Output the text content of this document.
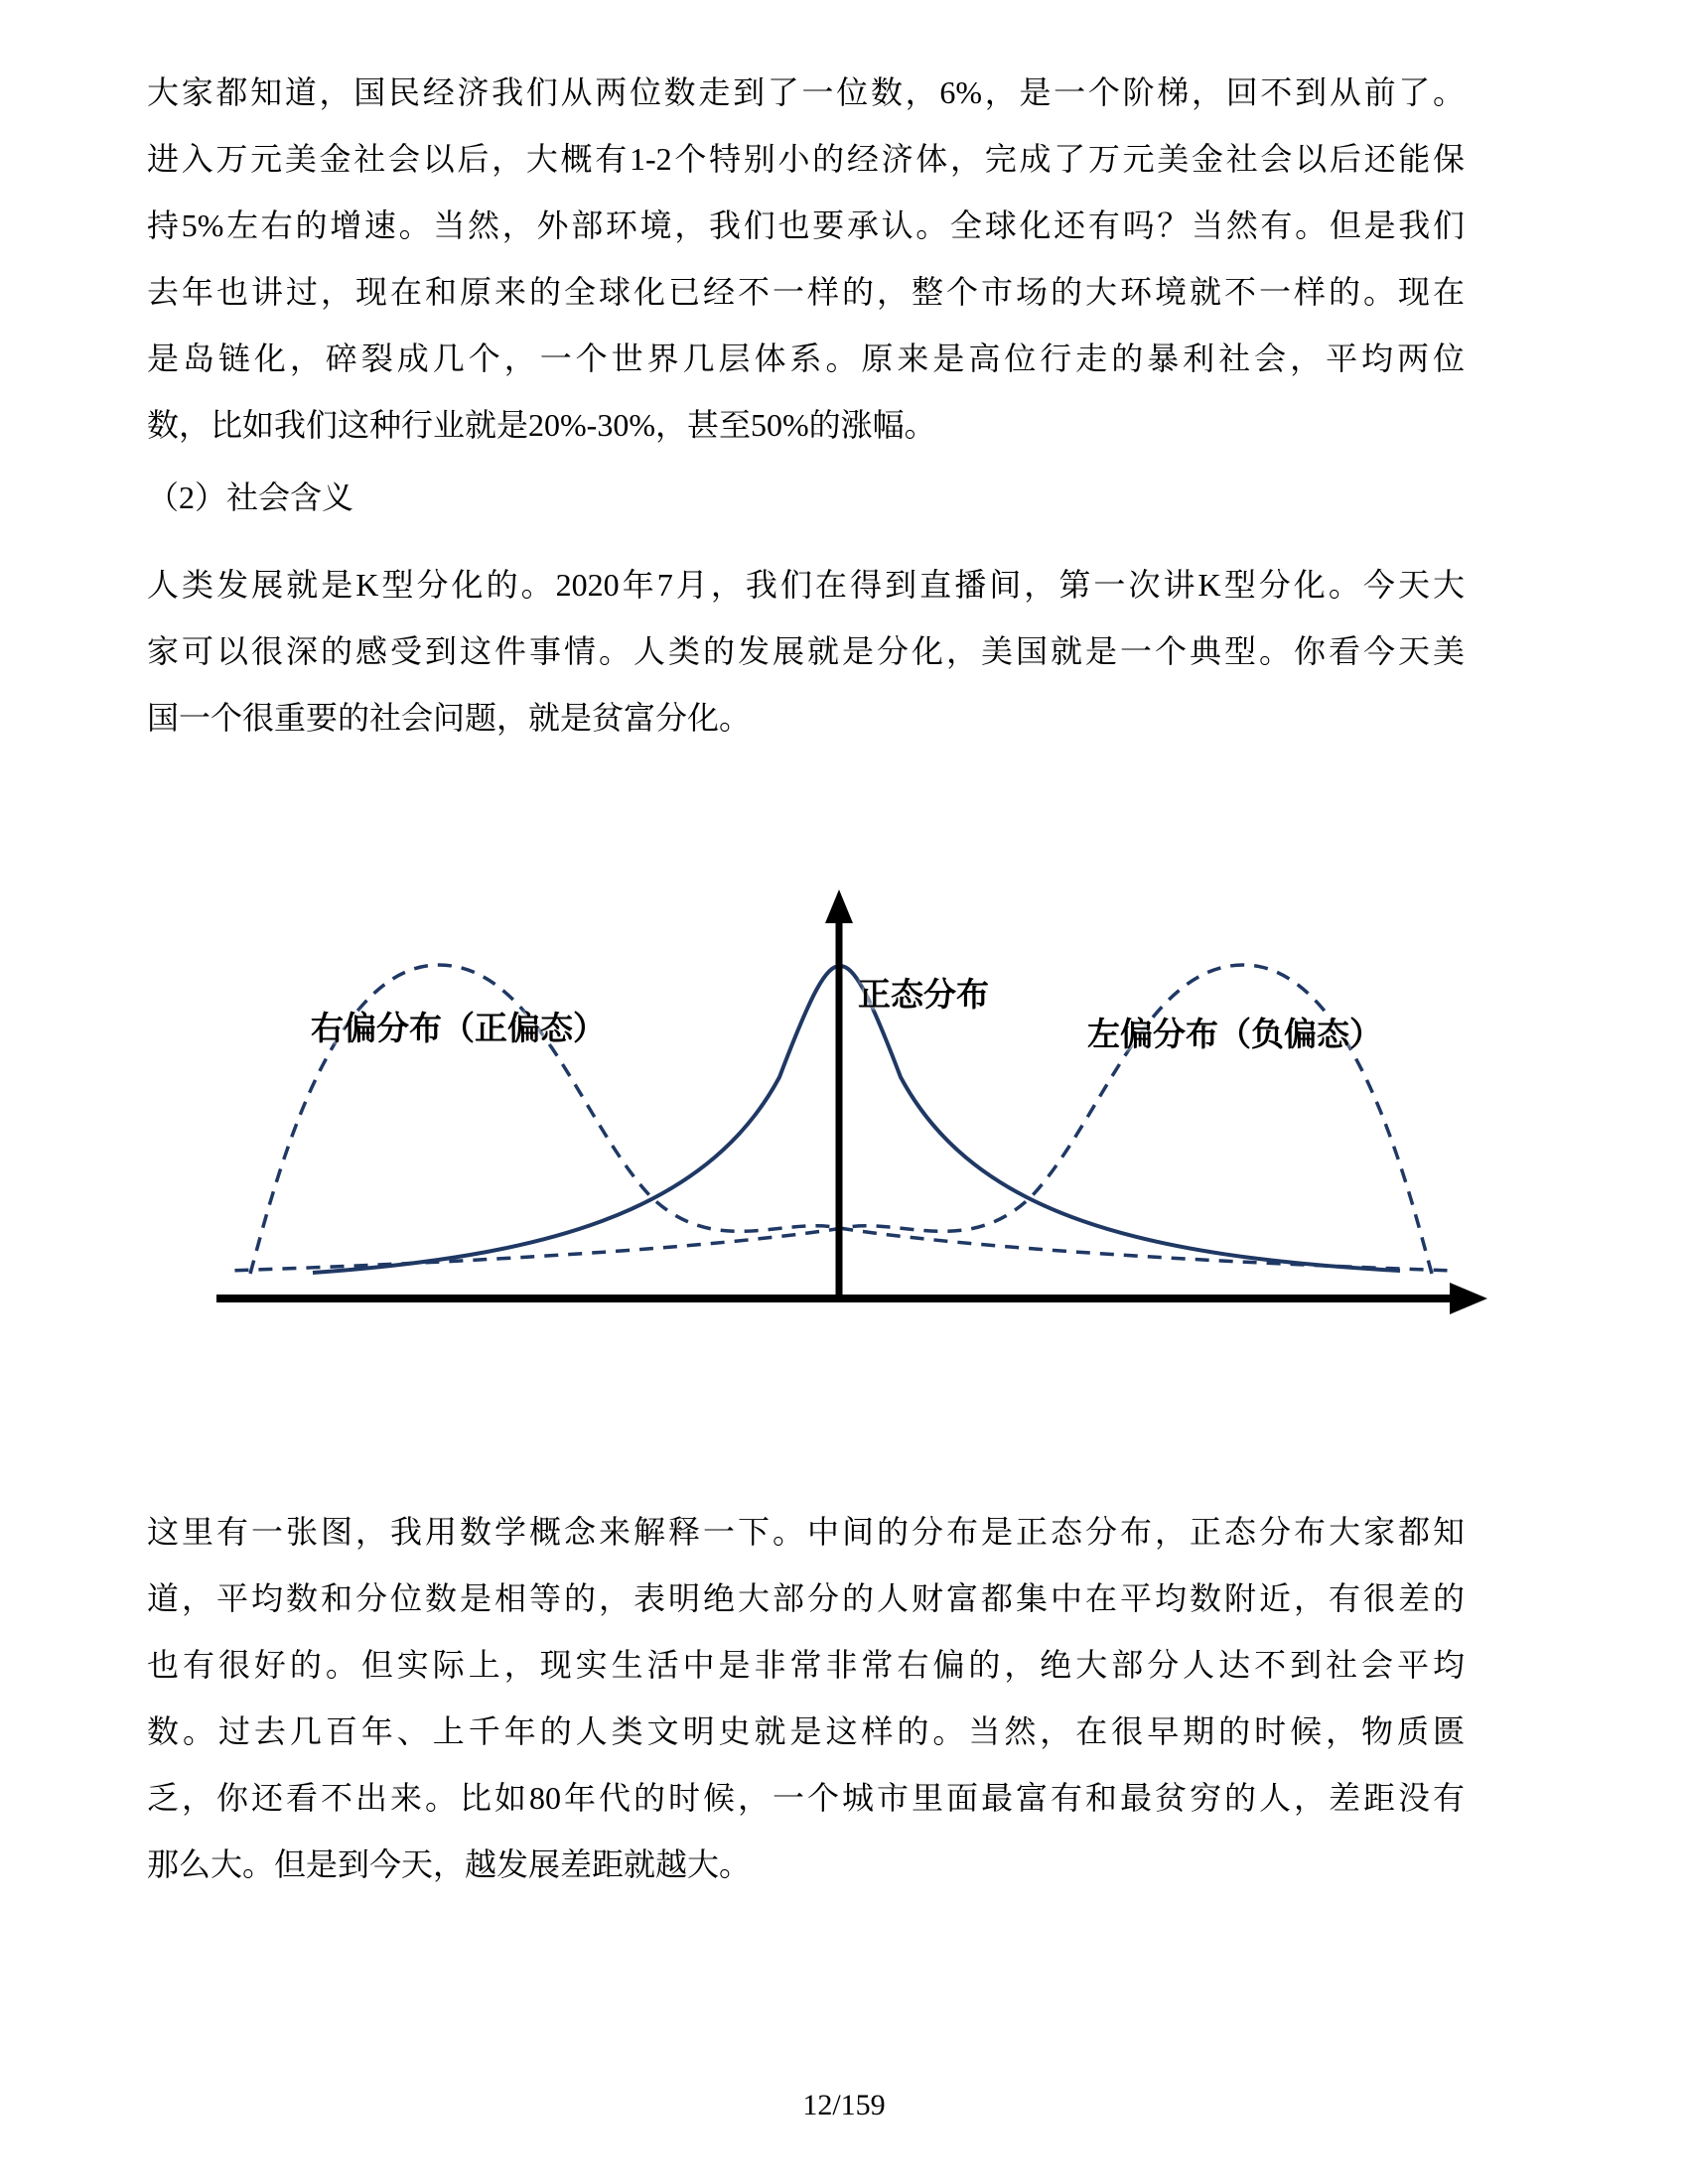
大家都知道，国民经济我们从两位数走到了一位数，6%，是一个阶梯，回不到从前了。
进入万元美金社会以后，大概有1-2个特别小的经济体，完成了万元美金社会以后还能保
持5%左右的增速。当然，外部环境，我们也要承认。全球化还有吗？当然有。但是我们
去年也讲过，现在和原来的全球化已经不一样的，整个市场的大环境就不一样的。现在
是岛链化，碎裂成几个，一个世界几层体系。原来是高位行走的暴利社会，平均两位
数，比如我们这种行业就是20%-30%，甚至50%的涨幅。
（2）社会含义
人类发展就是K型分化的。2020年7月，我们在得到直播间，第一次讲K型分化。今天大
家可以很深的感受到这件事情。人类的发展就是分化，美国就是一个典型。你看今天美
国一个很重要的社会问题，就是贫富分化。
正态分布
右偏分布（正偏态）	左偏分布（负偏态）
这里有一张图，我用数学概念来解释一下。中间的分布是正态分布，正态分布大家都知
道，平均数和分位数是相等的，表明绝大部分的人财富都集中在平均数附近，有很差的
也有很好的。但实际上，现实生活中是非常非常右偏的，绝大部分人达不到社会平均
数。过去几百年、上千年的人类文明史就是这样的。当然，在很早期的时候，物质匮
乏，你还看不出来。比如80年代的时候，一个城市里面最富有和最贫穷的人，差距没有
那么大。但是到今天，越发展差距就越大。
12/159
